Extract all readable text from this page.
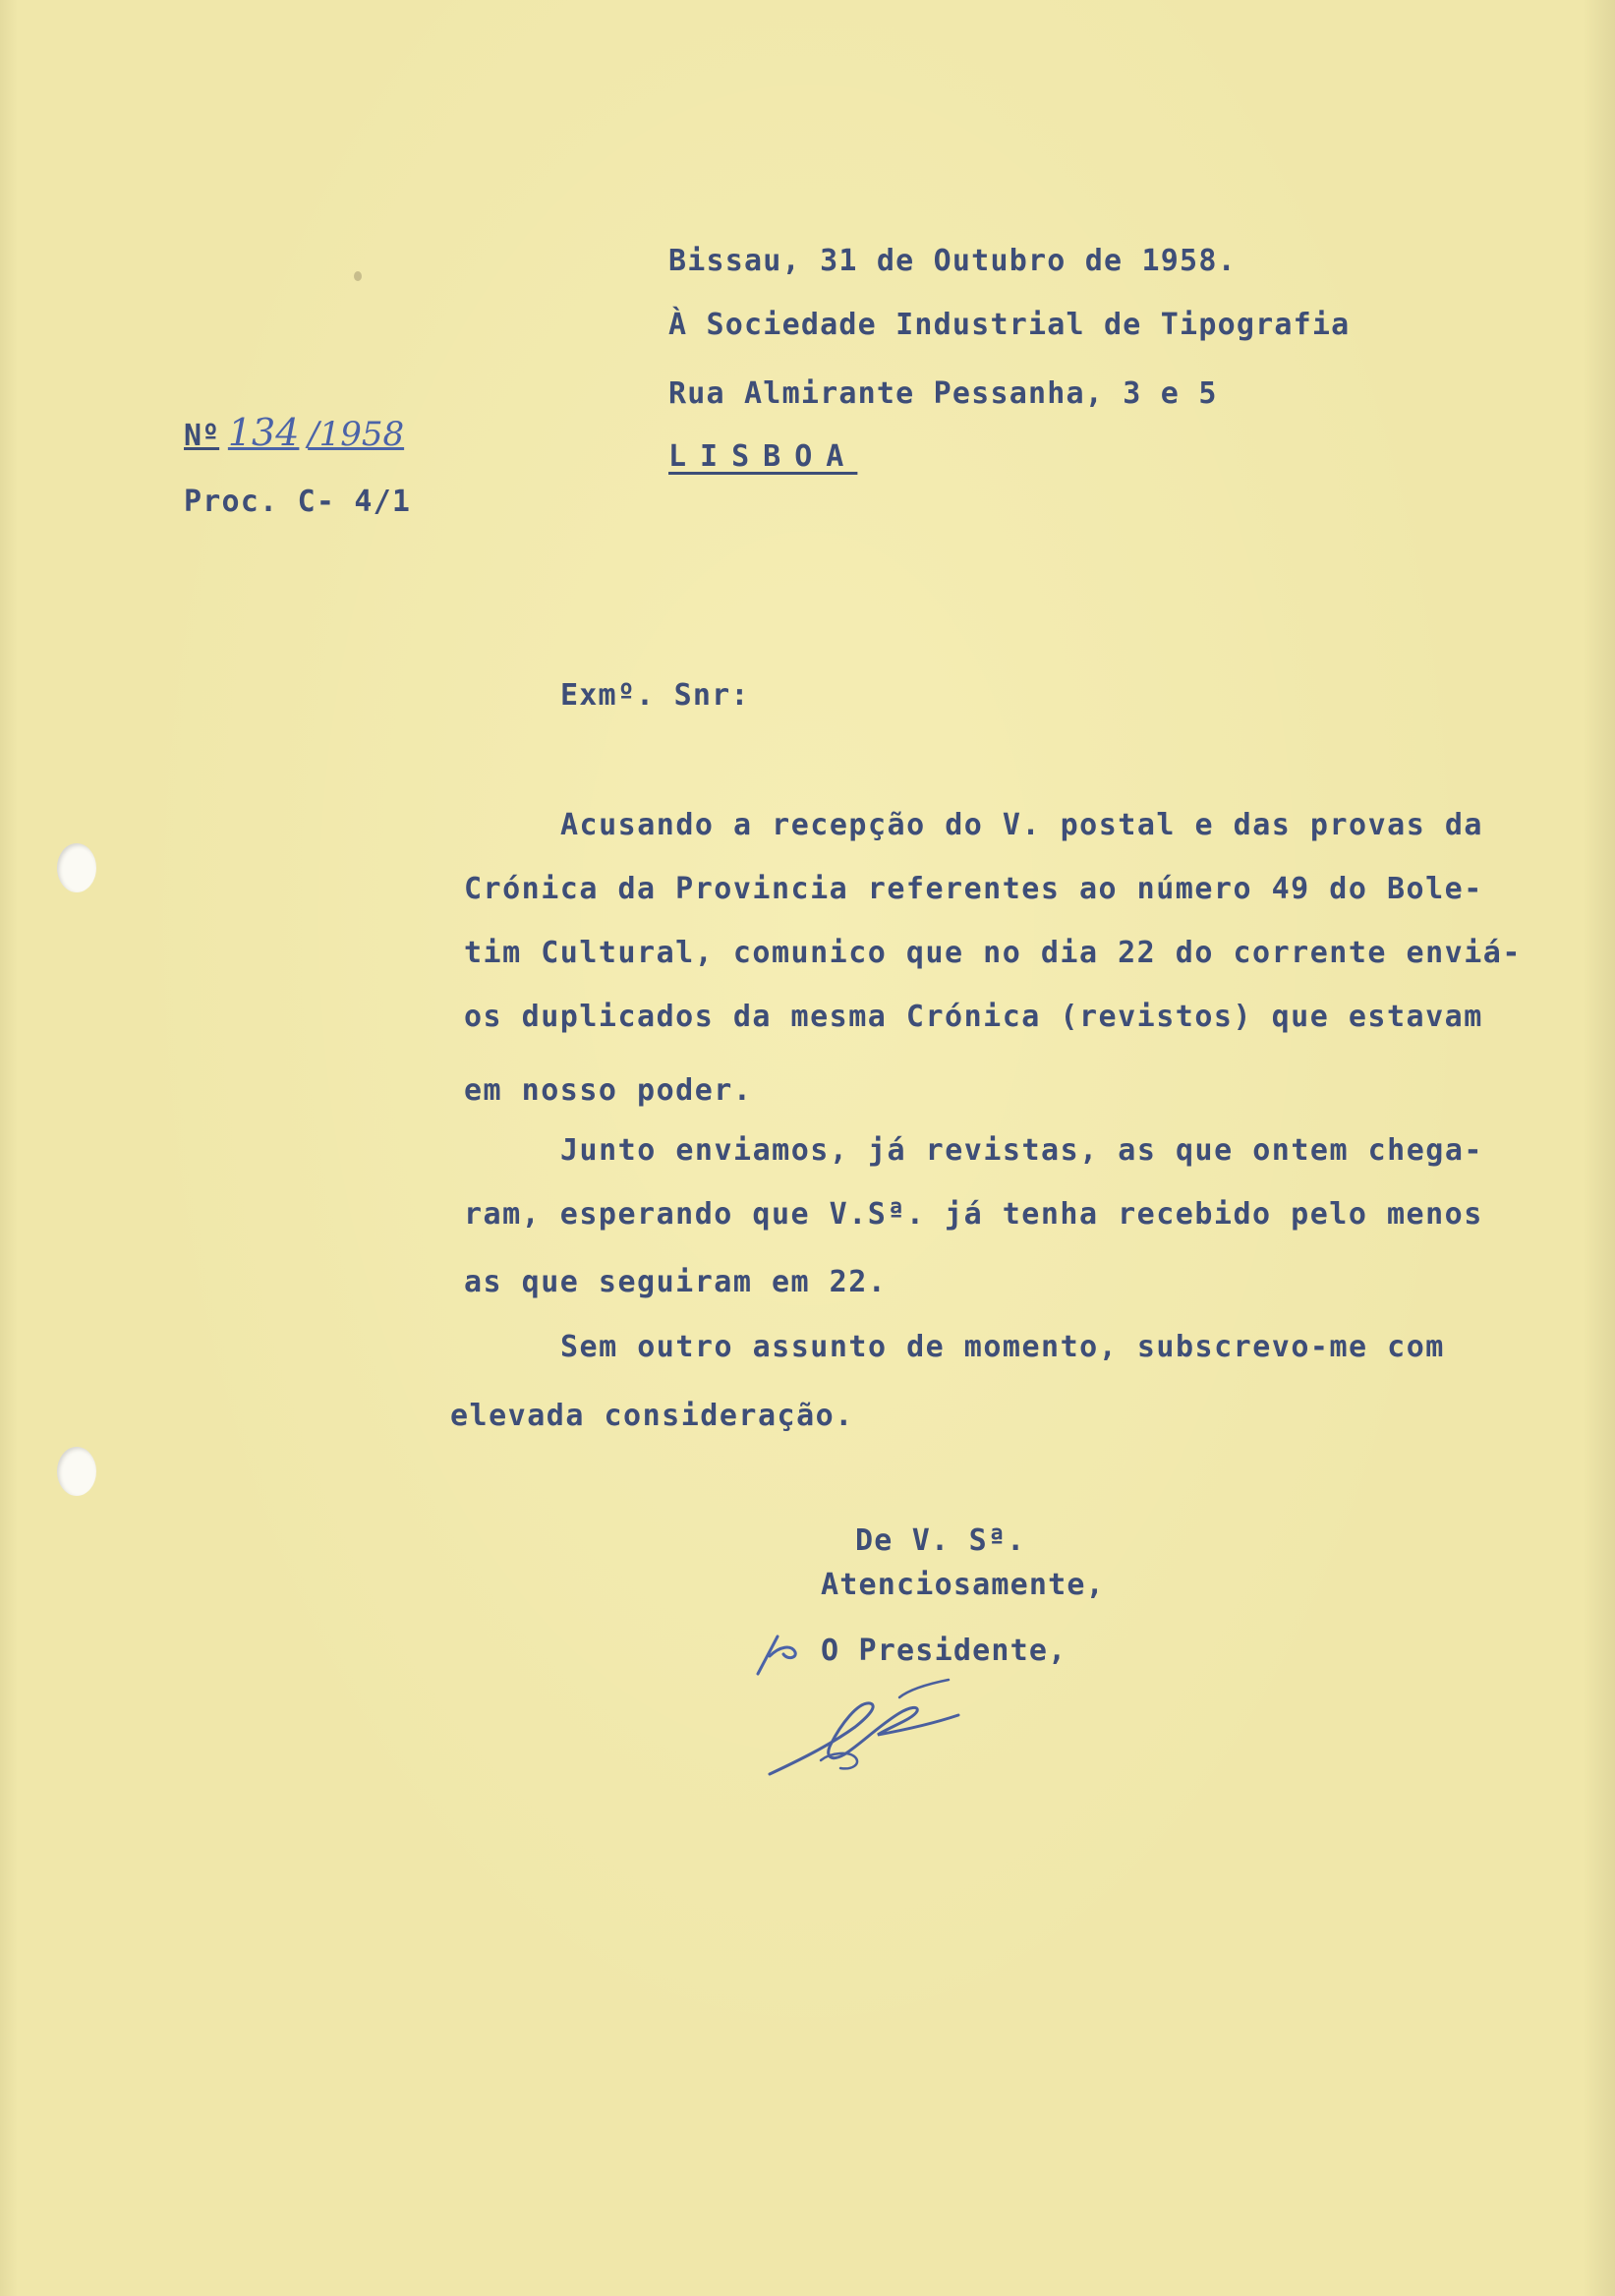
Bissau, 31 de Outubro de 1958.
À Sociedade Industrial de Tipografia
Rua Almirante Pessanha, 3 e 5
LISBOA
Nº 134 /1958
Proc. C- 4/1
Exmº. Snr:
Acusando a recepção do V. postal e das provas da
Crónica da Provincia referentes ao número 49 do Bole-
tim Cultural, comunico que no dia 22 do corrente enviá-
os duplicados da mesma Crónica (revistos) que estavam
em nosso poder.
Junto enviamos, já revistas, as que ontem chega-
ram, esperando que V.Sª. já tenha recebido pelo menos
as que seguiram em 22.
Sem outro assunto de momento, subscrevo-me com
elevada consideração.
De V. Sª.
Atenciosamente,
O Presidente,
